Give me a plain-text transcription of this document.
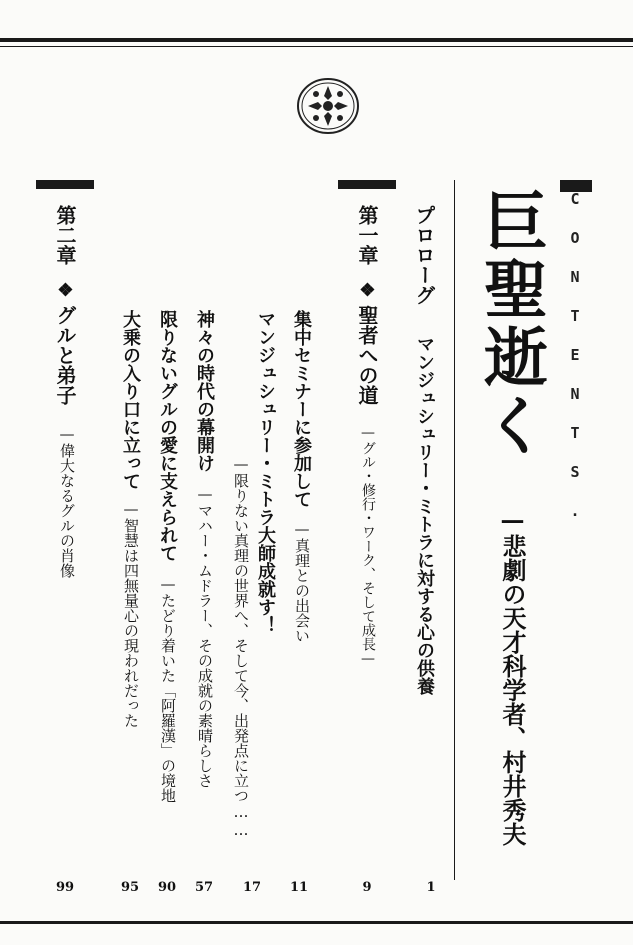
CONTENTS.
巨聖逝く
—悲劇の天才科学者、村井秀夫
1
プロローグ
マンジュシュリー・ミトラに対する心の供養
第一章
❖
聖者への道
—グル・修行・ワーク、そして成長—
9
集中セミナーに参加して
—真理との出会い
11
マンジュシュリー・ミトラ大師成就す！
—限りない真理の世界へ、そして今、出発点に立つ……
17
神々の時代の幕開け
—マハー・ムドラー、その成就の素晴らしさ
57
限りないグルの愛に支えられて
—たどり着いた「阿羅漢」の境地
90
大乗の入り口に立って
—智慧は四無量心の現われだった
95
第二章
❖
グルと弟子
—偉大なるグルの肖像
99
